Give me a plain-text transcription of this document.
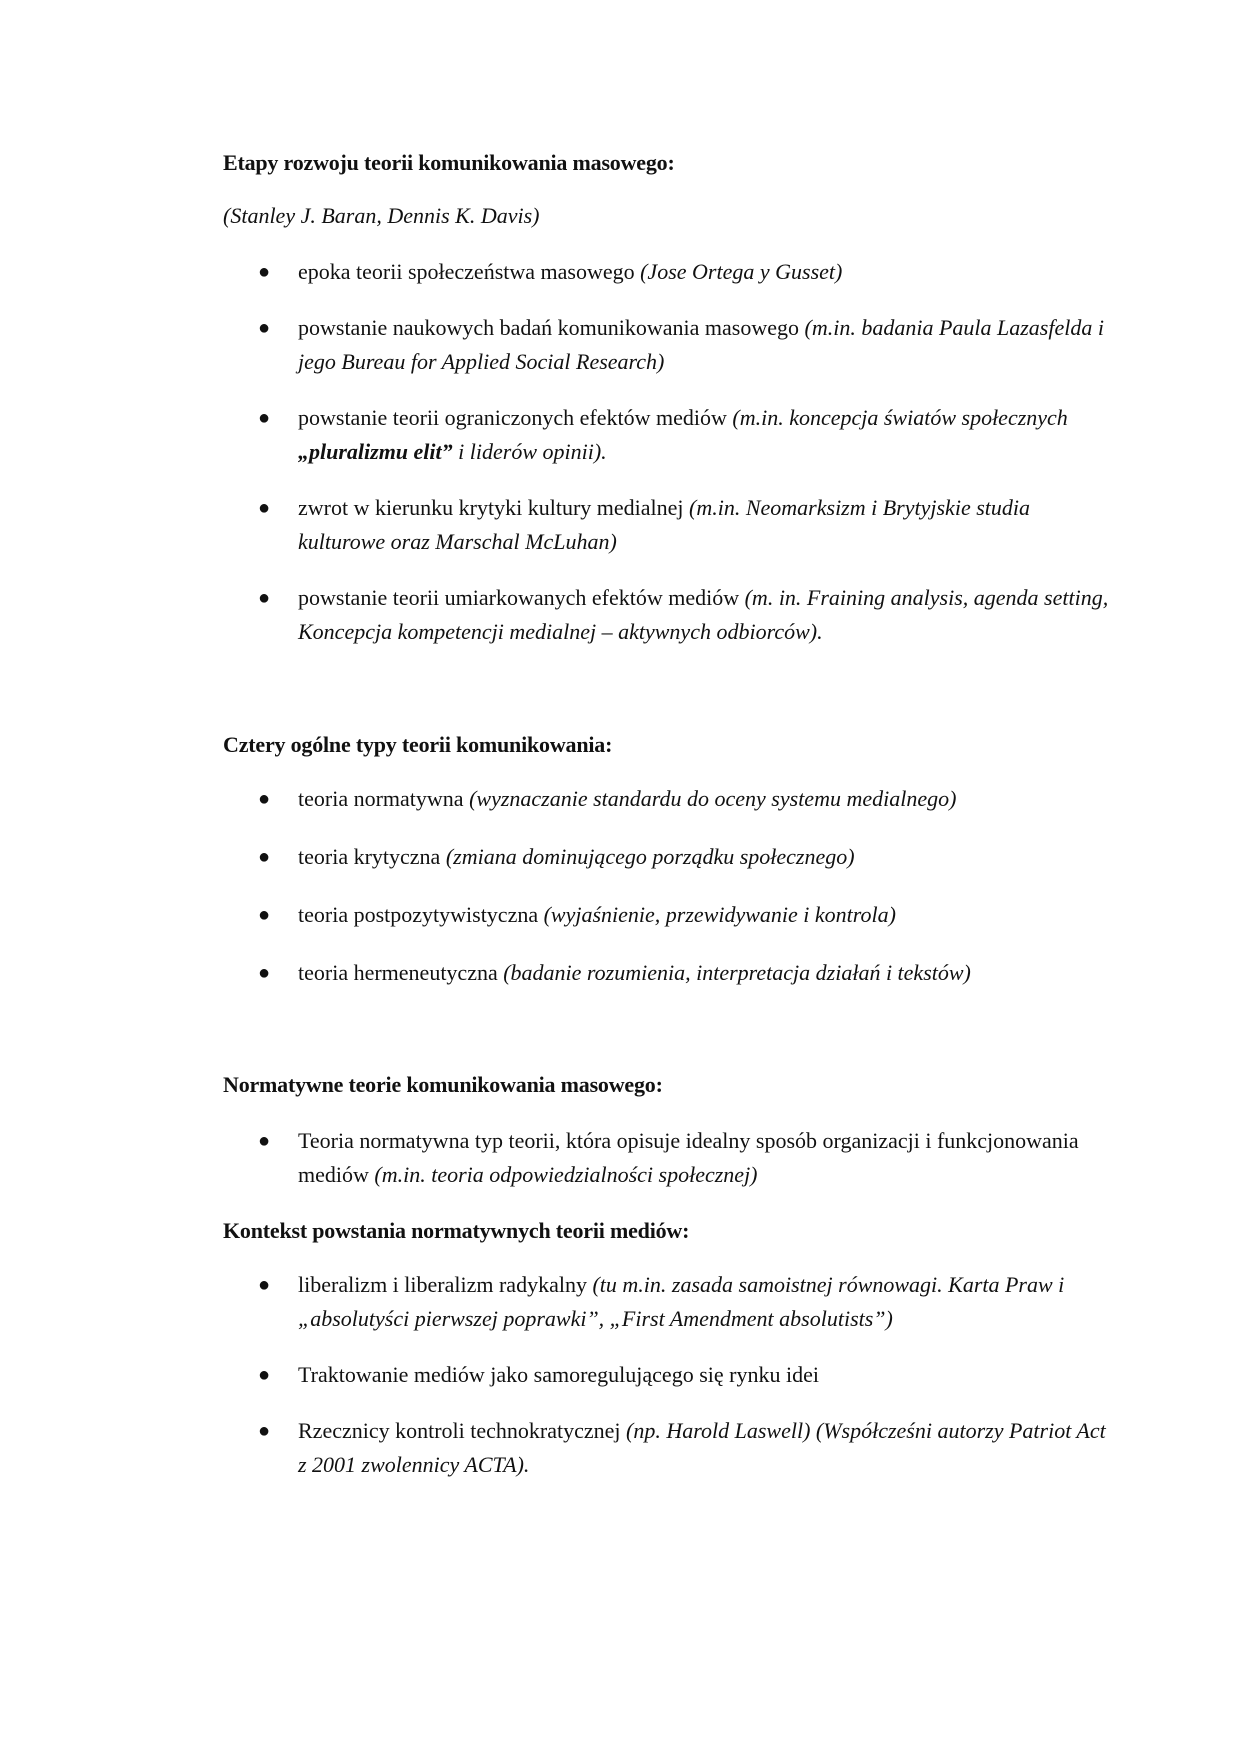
Etapy rozwoju teorii komunikowania masowego:
(Stanley J. Baran, Dennis K. Davis)
●	epoka teorii społeczeństwa masowego (Jose Ortega y Gusset)
●	powstanie naukowych badań komunikowania masowego (m.in. badania Paula Lazasfelda i jego Bureau for Applied Social Research)
●	powstanie teorii ograniczonych efektów mediów (m.in. koncepcja światów społecznych „pluralizmu elit” i liderów opinii).
●	zwrot w kierunku krytyki kultury medialnej (m.in. Neomarksizm i Brytyjskie studia kulturowe oraz Marschal McLuhan)
●	powstanie teorii umiarkowanych efektów mediów (m. in. Fraining analysis, agenda setting, Koncepcja kompetencji medialnej – aktywnych odbiorców).
Cztery ogólne typy teorii komunikowania:
●	teoria normatywna (wyznaczanie standardu do oceny systemu medialnego)
●	teoria krytyczna (zmiana dominującego porządku społecznego)
●	teoria postpozytywistyczna (wyjaśnienie, przewidywanie i kontrola)
●	teoria hermeneutyczna (badanie rozumienia, interpretacja działań i tekstów)
Normatywne teorie komunikowania masowego:
●	Teoria normatywna typ teorii, która opisuje idealny sposób organizacji i funkcjonowania mediów (m.in. teoria odpowiedzialności społecznej)
Kontekst powstania normatywnych teorii mediów:
●	liberalizm i liberalizm radykalny (tu m.in. zasada samoistnej równowagi. Karta Praw i „absolutyści pierwszej poprawki”, „First Amendment absolutists”)
●	Traktowanie mediów jako samoregulującego się rynku idei
●	Rzecznicy kontroli technokratycznej (np. Harold Laswell) (Współcześni autorzy Patriot Act z 2001 zwolennicy ACTA).
